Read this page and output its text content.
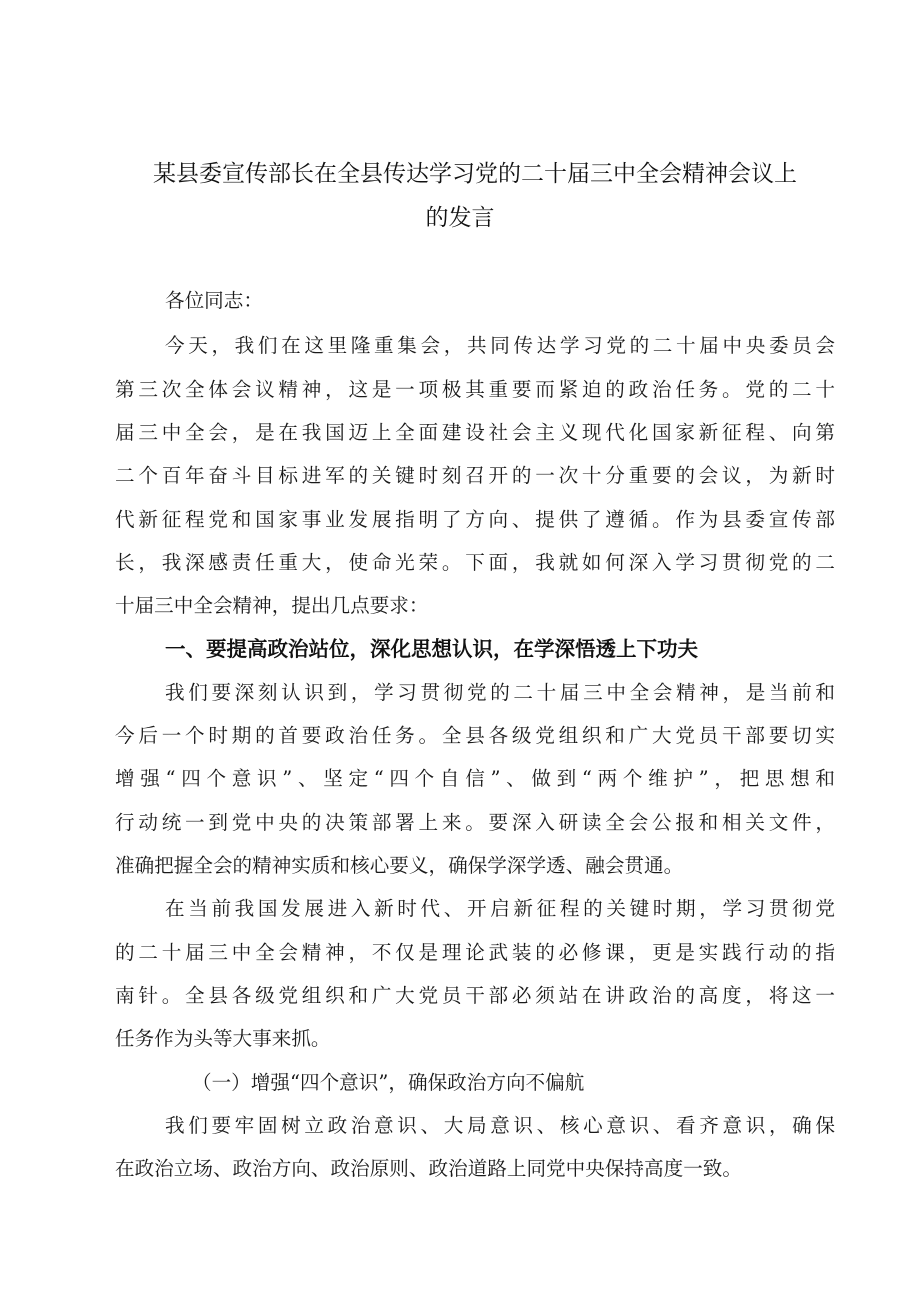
某县委宣传部长在全县传达学习党的二十届三中全会精神会议上
的发言
各位同志：
今天，我们在这里隆重集会，共同传达学习党的二十届中央委员会
第三次全体会议精神，这是一项极其重要而紧迫的政治任务。党的二十
届三中全会，是在我国迈上全面建设社会主义现代化国家新征程、向第
二个百年奋斗目标进军的关键时刻召开的一次十分重要的会议，为新时
代新征程党和国家事业发展指明了方向、提供了遵循。作为县委宣传部
长，我深感责任重大，使命光荣。下面，我就如何深入学习贯彻党的二
十届三中全会精神，提出几点要求：
一、要提高政治站位，深化思想认识，在学深悟透上下功夫
我们要深刻认识到，学习贯彻党的二十届三中全会精神，是当前和
今后一个时期的首要政治任务。全县各级党组织和广大党员干部要切实
增强“四个意识”、坚定“四个自信”、做到“两个维护”，把思想和
行动统一到党中央的决策部署上来。要深入研读全会公报和相关文件，
准确把握全会的精神实质和核心要义，确保学深学透、融会贯通。
在当前我国发展进入新时代、开启新征程的关键时期，学习贯彻党
的二十届三中全会精神，不仅是理论武装的必修课，更是实践行动的指
南针。全县各级党组织和广大党员干部必须站在讲政治的高度，将这一
任务作为头等大事来抓。
（一）增强“四个意识”，确保政治方向不偏航
我们要牢固树立政治意识、大局意识、核心意识、看齐意识，确保
在政治立场、政治方向、政治原则、政治道路上同党中央保持高度一致。
